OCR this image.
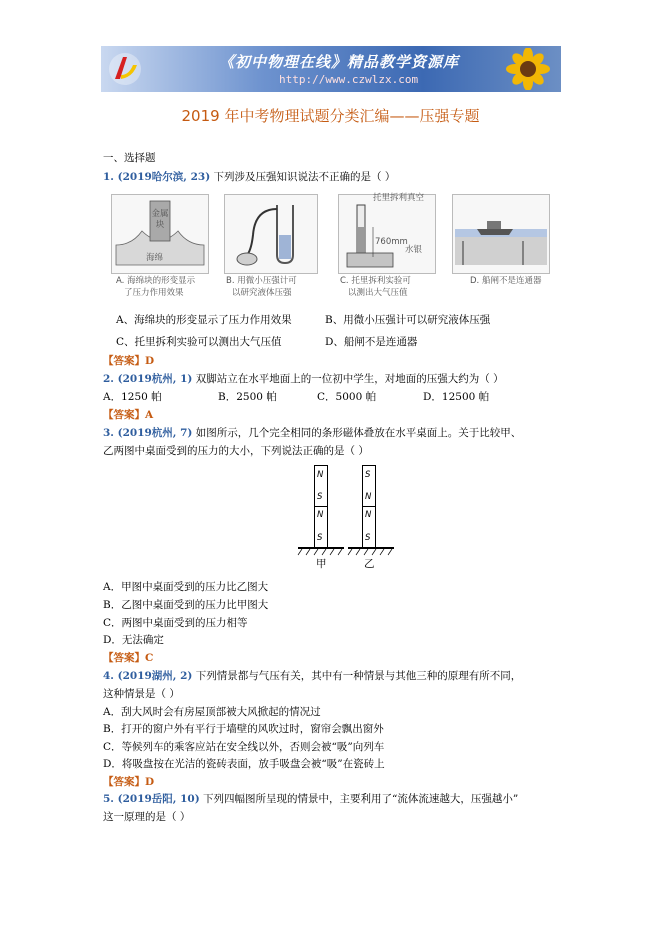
《初中物理在线》精品教学资源库
http://www.czwlzx.com
2019 年中考物理试题分类汇编——压强专题
一、选择题
1. (2019哈尔滨, 23) 下列涉及压强知识说法不正确的是（ ）
金属块
海绵
A. 海绵块的形变显示
了压力作用效果
B. 用微小压强计可
以研究液体压强
托里拆利真空
760mm
水银
C. 托里拆利实验可
以测出大气压值
D. 船闸不是连通器
A、海绵块的形变显示了压力作用效果	B、用微小压强计可以研究液体压强
C、托里拆利实验可以测出大气压值	D、船闸不是连通器
【答案】D
2. (2019杭州, 1) 双脚站立在水平地面上的一位初中学生，对地面的压强大约为（ ）
A．1250 帕	B．2500 帕	C．5000 帕	D．12500 帕
【答案】A
3. (2019杭州, 7) 如图所示，几个完全相同的条形磁体叠放在水平桌面上。关于比较甲、
乙两图中桌面受到的压力的大小，下列说法正确的是（ ）
N
S
N
S
S
N
N
S
甲	乙
A．甲图中桌面受到的压力比乙图大
B．乙图中桌面受到的压力比甲图大
C．两图中桌面受到的压力相等
D．无法确定
【答案】C
4. (2019湖州, 2) 下列情景都与气压有关，其中有一种情景与其他三种的原理有所不同，
这种情景是（ ）
A．刮大风时会有房屋顶部被大风掀起的情况过
B．打开的窗户外有平行于墙壁的风吹过时，窗帘会飘出窗外
C．等候列车的乘客应站在安全线以外，否则会被“吸”向列车
D．将吸盘按在光洁的瓷砖表面，放手吸盘会被“吸”在瓷砖上
【答案】D
5. (2019岳阳, 10) 下列四幅图所呈现的情景中，主要利用了“流体流速越大，压强越小”
这一原理的是（ ）
